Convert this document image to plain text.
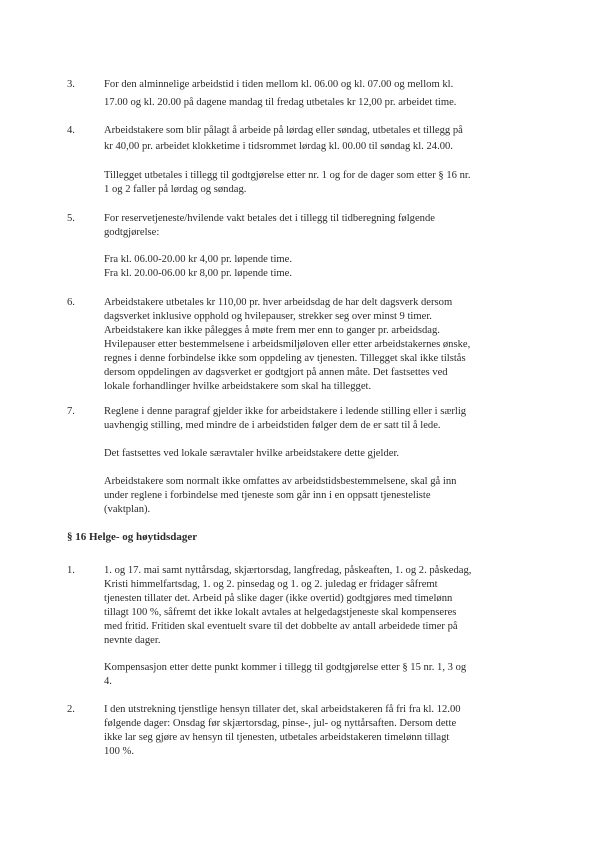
3.	For den alminnelige arbeidstid i tiden mellom kl. 06.00 og kl. 07.00 og mellom kl.
17.00 og kl. 20.00 på dagene mandag til fredag utbetales kr 12,00 pr. arbeidet time.
4.	Arbeidstakere som blir pålagt å arbeide på lørdag eller søndag, utbetales et tillegg på
kr 40,00 pr. arbeidet klokketime i tidsrommet lørdag kl. 00.00 til søndag kl. 24.00.
Tillegget utbetales i tillegg til godtgjørelse etter nr. 1 og for de dager som etter § 16 nr.
1 og 2 faller på lørdag og søndag.
5.	For reservetjeneste/hvilende vakt betales det i tillegg til tidberegning følgende
godtgjørelse:
Fra kl. 06.00-20.00 kr 4,00 pr. løpende time.
Fra kl. 20.00-06.00 kr 8,00 pr. løpende time.
6.	Arbeidstakere utbetales kr 110,00 pr. hver arbeidsdag de har delt dagsverk dersom
dagsverket inklusive opphold og hvilepauser, strekker seg over minst 9 timer.
Arbeidstakere kan ikke pålegges å møte frem mer enn to ganger pr. arbeidsdag.
Hvilepauser etter bestemmelsene i arbeidsmiljøloven eller etter arbeidstakernes ønske,
regnes i denne forbindelse ikke som oppdeling av tjenesten. Tillegget skal ikke tilstås
dersom oppdelingen av dagsverket er godtgjort på annen måte. Det fastsettes ved
lokale forhandlinger hvilke arbeidstakere som skal ha tillegget.
7.	Reglene i denne paragraf gjelder ikke for arbeidstakere i ledende stilling eller i særlig
uavhengig stilling, med mindre de i arbeidstiden følger dem de er satt til å lede.
Det fastsettes ved lokale særavtaler hvilke arbeidstakere dette gjelder.
Arbeidstakere som normalt ikke omfattes av arbeidstidsbestemmelsene, skal gå inn
under reglene i forbindelse med tjeneste som går inn i en oppsatt tjenesteliste
(vaktplan).
§ 16 Helge- og høytidsdager
1.	1. og 17. mai samt nyttårsdag, skjærtorsdag, langfredag, påskeaften, 1. og 2. påskedag,
Kristi himmelfartsdag, 1. og 2. pinsedag og 1. og 2. juledag er fridager såfremt
tjenesten tillater det. Arbeid på slike dager (ikke overtid) godtgjøres med timelønn
tillagt 100 %, såfremt det ikke lokalt avtales at helgedagstjeneste skal kompenseres
med fritid. Fritiden skal eventuelt svare til det dobbelte av antall arbeidede timer på
nevnte dager.
Kompensasjon etter dette punkt kommer i tillegg til godtgjørelse etter § 15 nr. 1, 3 og
4.
2.	I den utstrekning tjenstlige hensyn tillater det, skal arbeidstakeren få fri fra kl. 12.00
følgende dager: Onsdag før skjærtorsdag, pinse-, jul- og nyttårsaften. Dersom dette
ikke lar seg gjøre av hensyn til tjenesten, utbetales arbeidstakeren timelønn tillagt
100 %.
